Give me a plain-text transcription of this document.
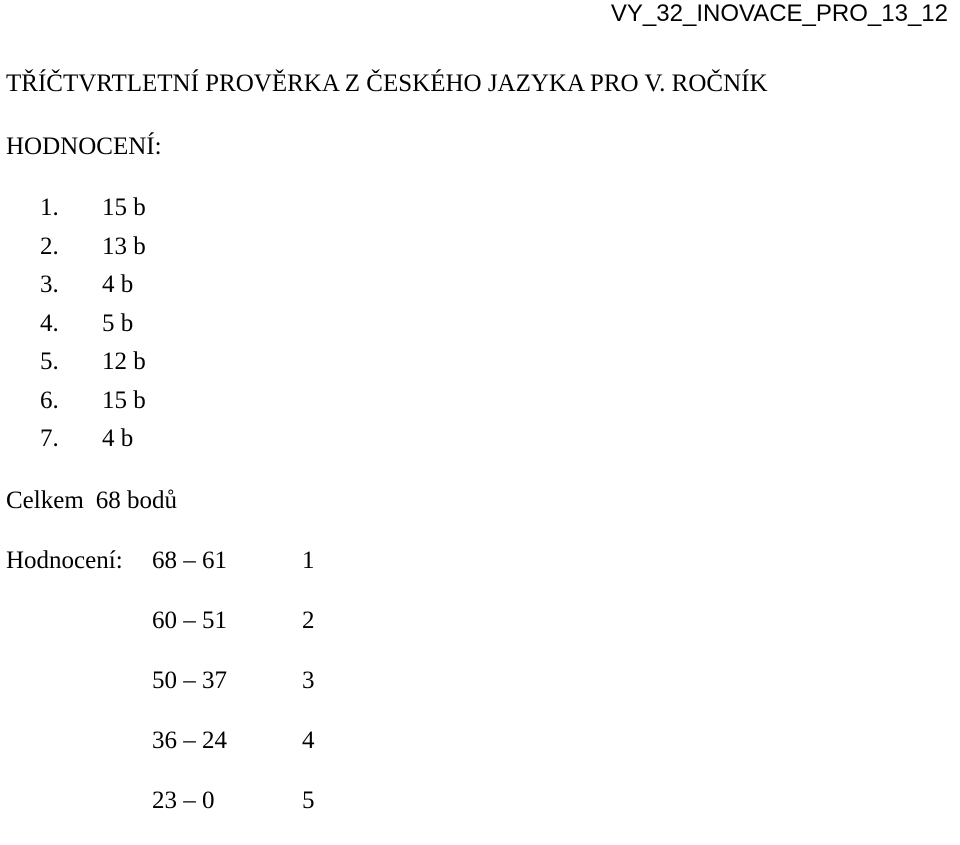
VY_32_INOVACE_PRO_13_12
TŘÍČTVRTLETNÍ PROVĚRKA Z ČESKÉHO JAZYKA PRO V. ROČNÍK
HODNOCENÍ:
1.	15 b
2.	13 b
3.	4 b
4.	5 b
5.	12 b
6.	15 b
7.	4 b
Celkem 68 bodů
Hodnocení: 68 – 61	1
60 – 51	2
50 – 37	3
36 – 24	4
23 – 0	5
